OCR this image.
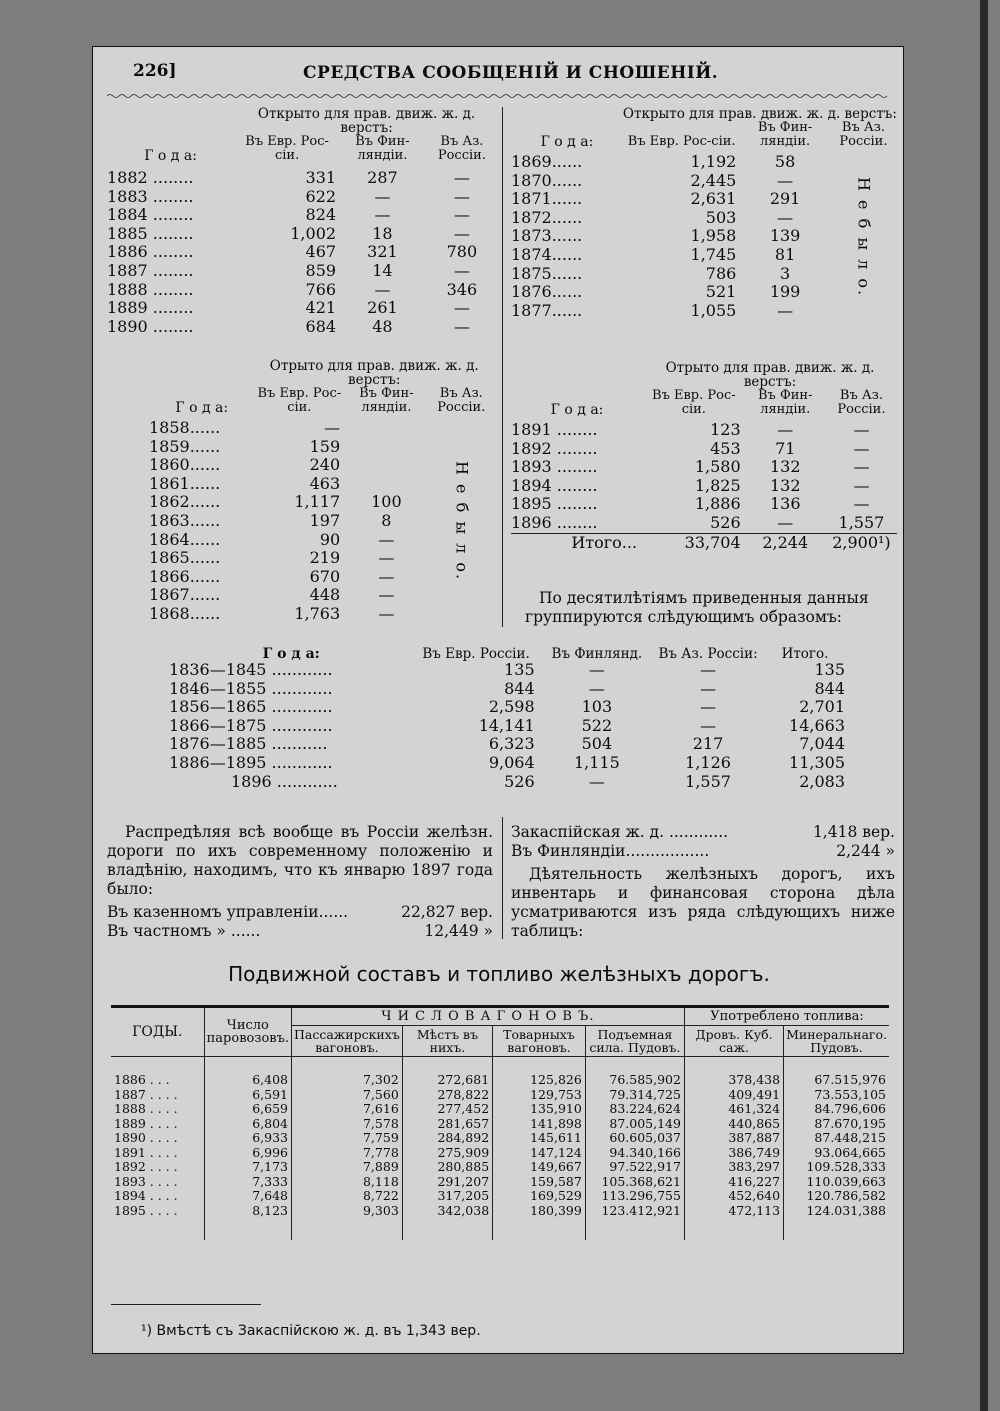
226]	СРЕДСТВА СООБЩЕНІЙ И СНОШЕНІЙ.
Г о д а:	Открыто для прав. движ. ж. д. верстъ:		
	Въ Евр. Рос-сіи.	Въ Фин-ляндіи.	Въ Аз. Россіи.

1882 ........	331	287	—
1883 ........	622	—	—
1884 ........	824	—	—
1885 ........	1,002	18	—
1886 ........	467	321	780
1887 ........	859	14	—
1888 ........	766	—	346
1889 ........	421	261	—
1890 ........	684	48	—
Г о д а:	Открыто для прав. движ. ж. д. верстъ:		
	Въ Евр. Рос-сіи.	Въ Фин-ляндіи.	Въ Аз. Россіи.

1869......	1,192	58	Н е б ы л о.
1870......	2,445	—	
1871......	2,631	291	
1872......	503	—	
1873......	1,958	139	
1874......	1,745	81	
1875......	786	3	
1876......	521	199	
1877......	1,055	—	
Г о д а:	Отрыто для прав. движ. ж. д. верстъ:		
	Въ Евр. Рос-сіи.	Въ Фин-ляндіи.	Въ Аз. Россіи.

1858......	—		Н е б ы л о.
1859......	159		
1860......	240		
1861......	463		
1862......	1,117	100	
1863......	197	8	
1864......	90	—	
1865......	219	—	
1866......	670	—	
1867......	448	—	
1868......	1,763	—	
Г о д а:	Отрыто для прав. движ. ж. д. верстъ:		
	Въ Евр. Рос-сіи.	Въ Фин-ляндіи.	Въ Аз. Россіи.

1891 ........	123	—	—
1892 ........	453	71	—
1893 ........	1,580	132	—
1894 ........	1,825	132	—
1895 ........	1,886	136	—
1896 ........	526	—	1,557
Итого...	33,704	2,244	2,900¹)
По десятилѣтіямъ приведенныя данныя группируются слѣдующимъ образомъ:
Г о д а:	Въ Евр. Россіи.	Въ Финлянд.	Въ Аз. Россіи:	Итого.
1836—1845 ............	135	—	—	135
1846—1855 ............	844	—	—	844
1856—1865 ............	2,598	103	—	2,701
1866—1875 ............	14,141	522	—	14,663
1876—1885 ...........	6,323	504	217	7,044
1886—1895 ............	9,064	1,115	1,126	11,305
1896 ............	526	—	1,557	2,083
Распредѣляя всѣ вообще въ Россіи желѣзн. дороги по ихъ современному положенію и владѣнію, находимъ, что къ январю 1897 года было:
Въ казенномъ управленіи......	22,827 вер.
Въ частномъ » ......	12,449 »
Закаспійская ж. д. ............	1,418 вер.
Въ Финляндіи.................	2,244 »
Дѣятельность желѣзныхъ дорогъ, ихъ инвентарь и финансовая сторона дѣла усматриваются изъ ряда слѣдующихъ ниже таблицъ:
Подвижной составъ и топливо желѣзныхъ дорогъ.
ГОДЫ.	Число паровозовъ.	Ч И С Л О В А Г О Н О В Ъ.				Употреблено топлива:	
		Пассажирскихъ вагоновъ.	Мѣстъ въ нихъ.	Товарныхъ вагоновъ.	Подъемная сила. Пудовъ.	Дровъ. Куб. саж.	Минеральнаго. Пудовъ.

1886 . . .	6,408	7,302	272,681	125,826	76.585,902	378,438	67.515,976
1887 . . . .	6,591	7,560	278,822	129,753	79.314,725	409,491	73.553,105
1888 . . . .	6,659	7,616	277,452	135,910	83.224,624	461,324	84.796,606
1889 . . . .	6,804	7,578	281,657	141,898	87.005,149	440,865	87.670,195
1890 . . . .	6,933	7,759	284,892	145,611	60.605,037	387,887	87.448,215
1891 . . . .	6,996	7,778	275,909	147,124	94.340,166	386,749	93.064,665
1892 . . . .	7,173	7,889	280,885	149,667	97.522,917	383,297	109.528,333
1893 . . . .	7,333	8,118	291,207	159,587	105.368,621	416,227	110.039,663
1894 . . . .	7,648	8,722	317,205	169,529	113.296,755	452,640	120.786,582
1895 . . . .	8,123	9,303	342,038	180,399	123.412,921	472,113	124.031,388

¹) Вмѣстѣ съ Закаспійскою ж. д. въ 1,343 вер.
